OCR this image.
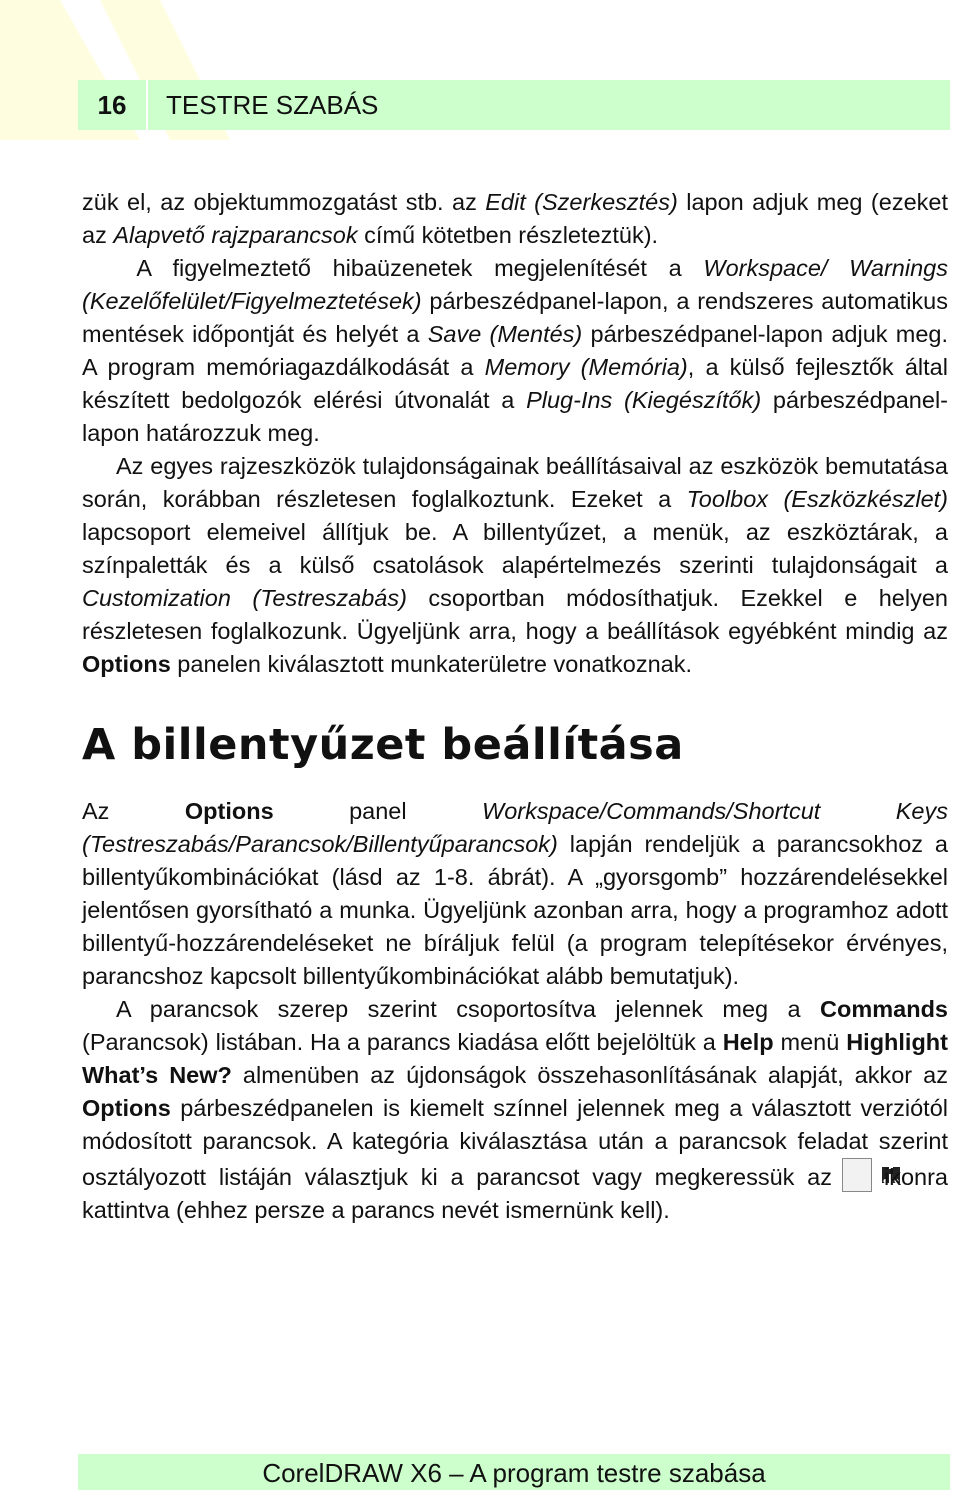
16	TESTRE SZABÁS

zük el, az objektummozgatást stb. az Edit (Szerkesztés) lapon adjuk meg (ezeket az Alapvető rajzparancsok című kötetben részleteztük).
A figyelmeztető hibaüzenetek megjelenítését a Workspace/ Warnings (Kezelőfelület/Figyelmeztetések) párbeszédpanel-lapon, a rendszeres automatikus mentések időpontját és helyét a Save (Mentés) párbeszédpanel-lapon adjuk meg. A program memóriagazdálkodását a Memory (Memória), a külső fejlesztők által készített bedolgozók elérési útvonalát a Plug-Ins (Kiegészítők) párbeszédpanel-lapon határozzuk meg.

Az egyes rajzeszközök tulajdonságainak beállításaival az eszközök bemutatása során, korábban részletesen foglalkoztunk. Ezeket a Toolbox (Eszközkészlet) lapcsoport elemeivel állítjuk be. A billentyűzet, a menük, az eszköztárak, a színpaletták és a külső csatolások alapértelmezés szerinti tulajdonságait a Customization (Testreszabás) csoportban módosíthatjuk. Ezekkel e helyen részletesen foglalkozunk. Ügyeljünk arra, hogy a beállítások egyébként mindig az Options panelen kiválasztott munkaterületre vonatkoznak.

A billentyűzet beállítása

Az Options panel Workspace/Commands/Shortcut Keys (Testreszabás/Parancsok/Billentyűparancsok) lapján rendeljük a parancsokhoz a billentyűkombinációkat (lásd az 1-8. ábrát). A „gyorsgomb” hozzárendelésekkel jelentősen gyorsítható a munka. Ügyeljünk azonban arra, hogy a programhoz adott billentyű-hozzárendeléseket ne bíráljuk felül (a program telepítésekor érvényes, parancshoz kapcsolt billentyűkombinációkat alább bemutatjuk).

A parancsok szerep szerint csoportosítva jelennek meg a Commands (Parancsok) listában. Ha a parancs kiadása előtt bejelöltük a Help menü Highlight What’s New? almenüben az újdonságok összehasonlításának alapját, akkor az Options párbeszédpanelen is kiemelt színnel jelennek meg a választott verziótól módosított parancsok. A kategória kiválasztása után a parancsok feladat szerint osztályozott listáján választjuk ki a parancsot vagy megkeressük az ikonra kattintva (ehhez persze a parancs nevét ismernünk kell).

CorelDRAW X6 – A program testre szabása
